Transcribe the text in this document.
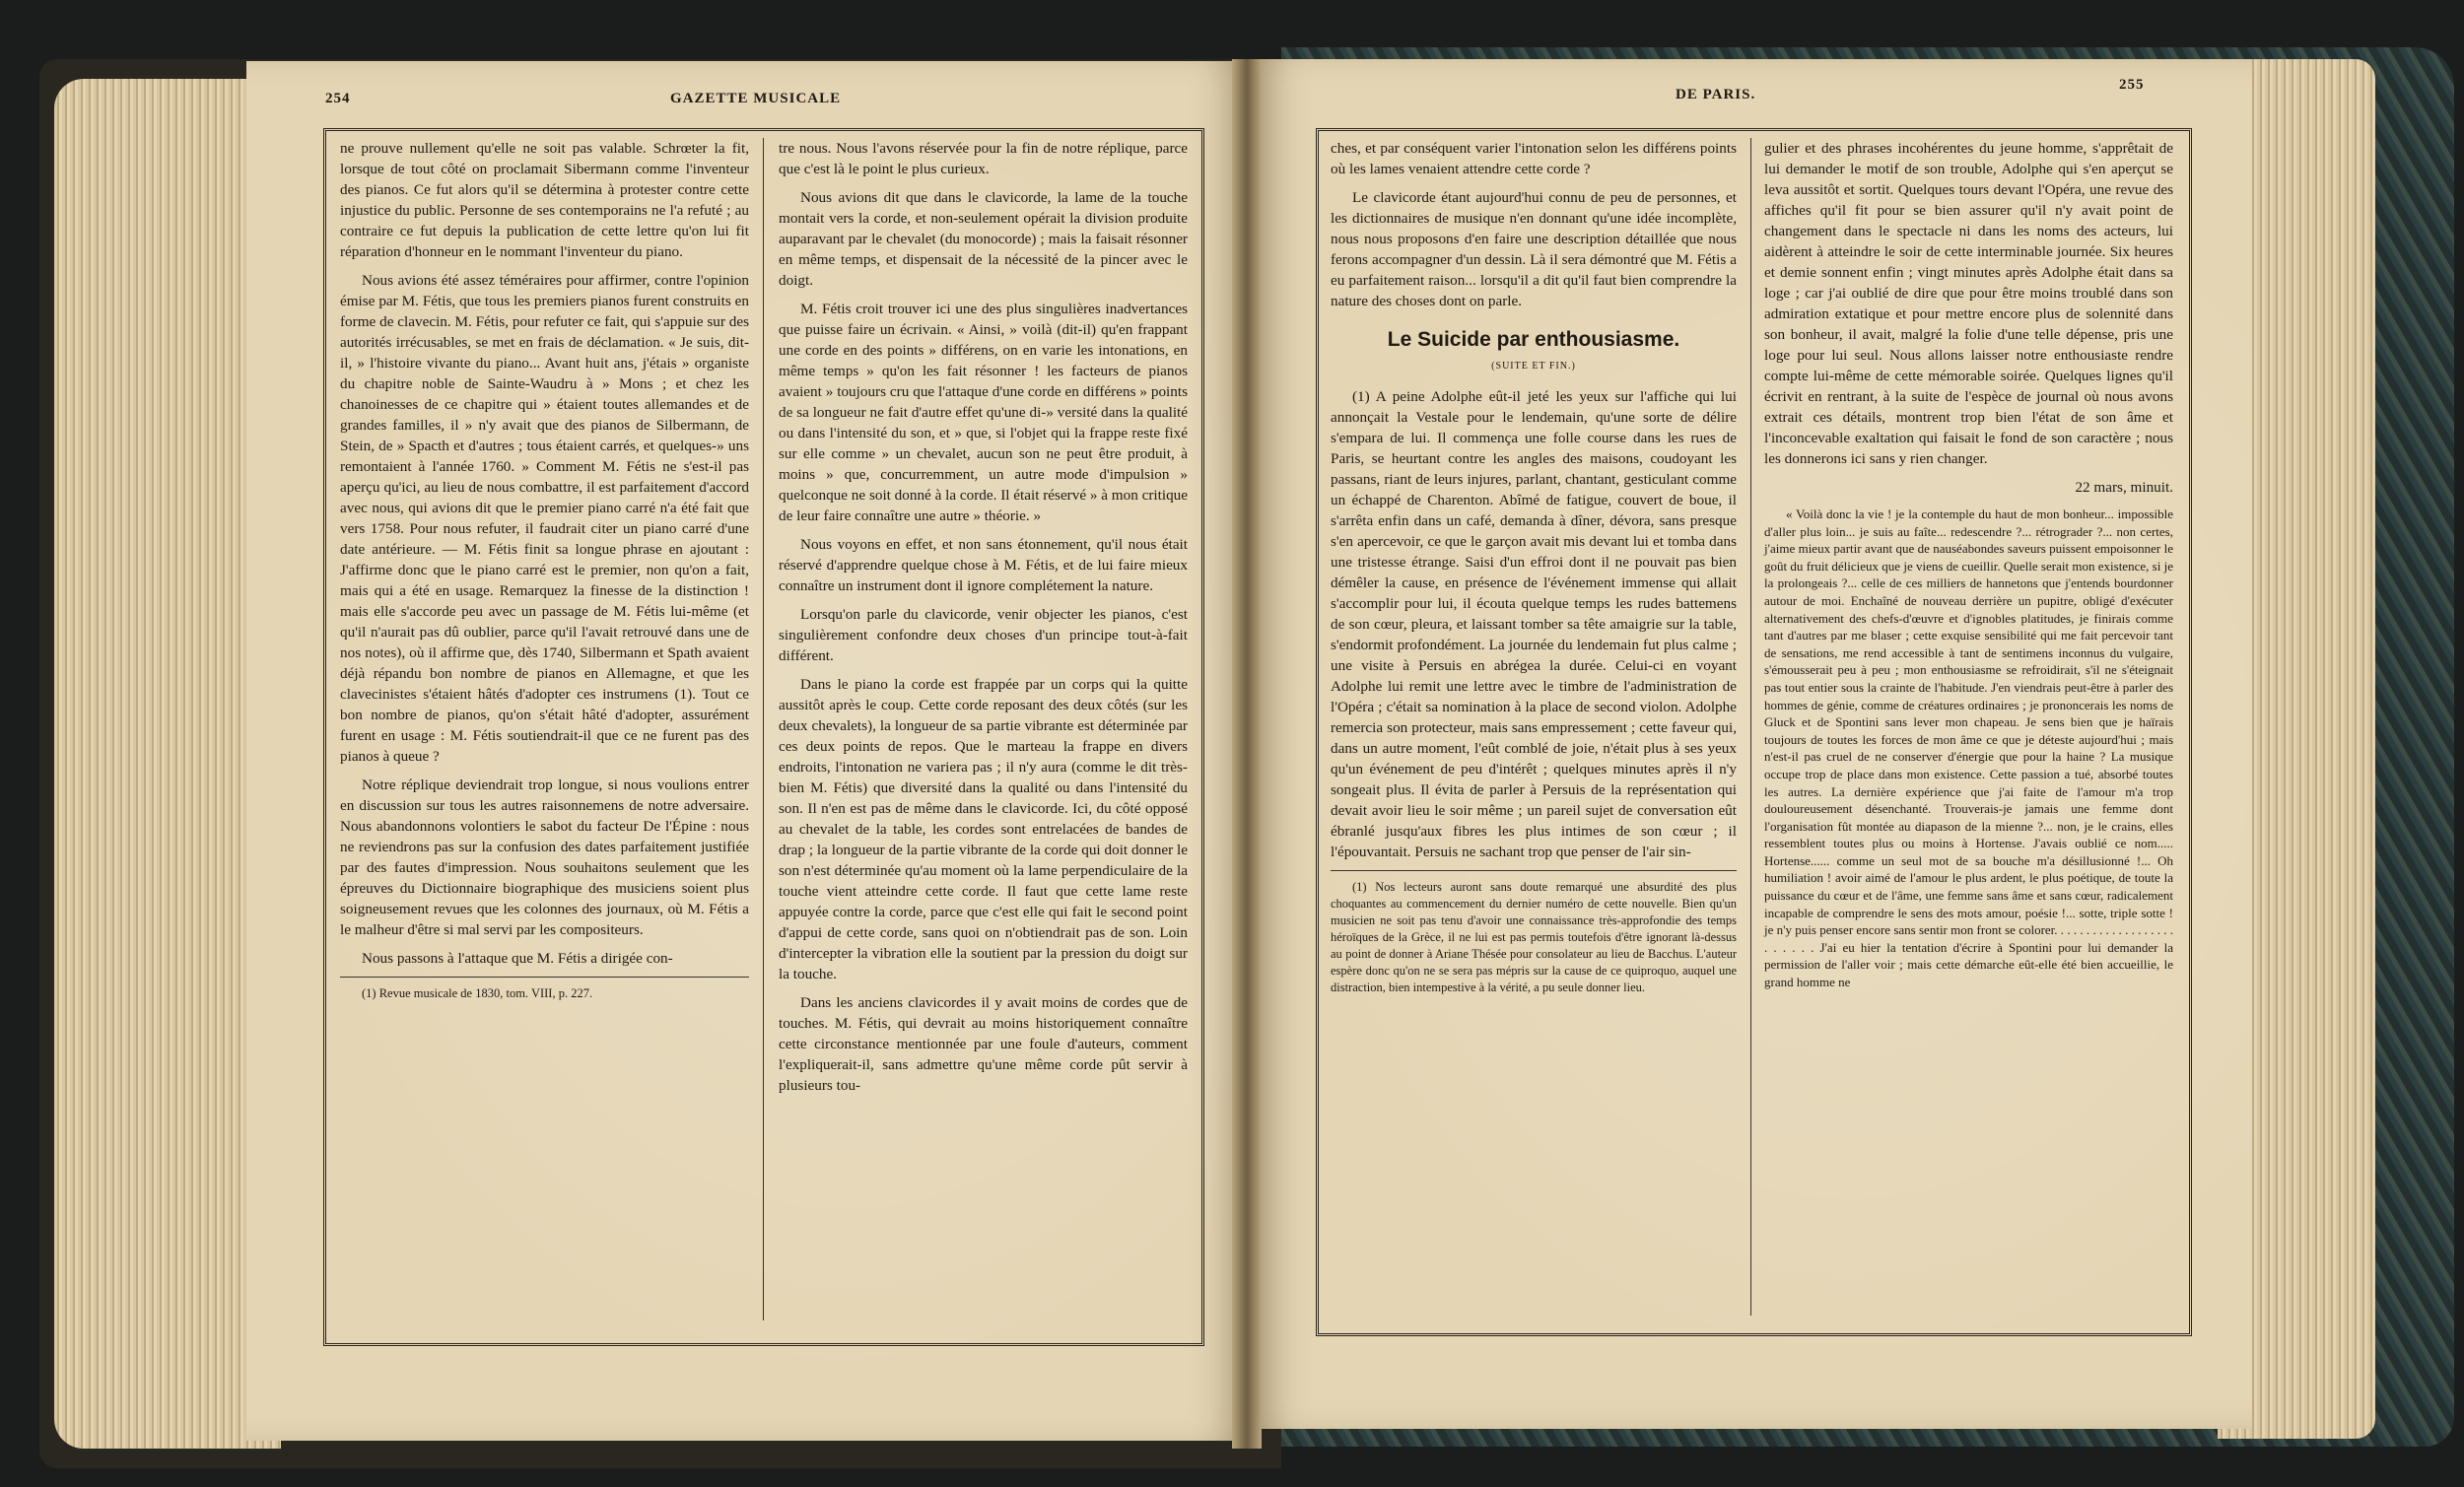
254	GAZETTE MUSICALE

ne prouve nullement qu'elle ne soit pas valable. Schrœter la fit, lorsque de tout côté on proclamait Sibermann comme l'inventeur des pianos. Ce fut alors qu'il se détermina à protester contre cette injustice du public. Personne de ses contemporains ne l'a refuté ; au contraire ce fut depuis la publication de cette lettre qu'on lui fit réparation d'honneur en le nommant l'inventeur du piano.

Nous avions été assez téméraires pour affirmer, contre l'opinion émise par M. Fétis, que tous les premiers pianos furent construits en forme de clavecin. M. Fétis, pour refuter ce fait, qui s'appuie sur des autorités irrécusables, se met en frais de déclamation. « Je suis, dit-il, » l'histoire vivante du piano... Avant huit ans, j'étais » organiste du chapitre noble de Sainte-Waudru à » Mons ; et chez les chanoinesses de ce chapitre qui » étaient toutes allemandes et de grandes familles, il » n'y avait que des pianos de Silbermann, de Stein, de » Spacth et d'autres ; tous étaient carrés, et quelques-» uns remontaient à l'année 1760. » Comment M. Fétis ne s'est-il pas aperçu qu'ici, au lieu de nous combattre, il est parfaitement d'accord avec nous, qui avions dit que le premier piano carré n'a été fait que vers 1758. Pour nous refuter, il faudrait citer un piano carré d'une date antérieure. — M. Fétis finit sa longue phrase en ajoutant : J'affirme donc que le piano carré est le premier, non qu'on a fait, mais qui a été en usage. Remarquez la finesse de la distinction ! mais elle s'accorde peu avec un passage de M. Fétis lui-même (et qu'il n'aurait pas dû oublier, parce qu'il l'avait retrouvé dans une de nos notes), où il affirme que, dès 1740, Silbermann et Spath avaient déjà répandu bon nombre de pianos en Allemagne, et que les clavecinistes s'étaient hâtés d'adopter ces instrumens (1). Tout ce bon nombre de pianos, qu'on s'était hâté d'adopter, assurément furent en usage : M. Fétis soutiendrait-il que ce ne furent pas des pianos à queue ?

Notre réplique deviendrait trop longue, si nous voulions entrer en discussion sur tous les autres raisonnemens de notre adversaire. Nous abandonnons volontiers le sabot du facteur De l'Épine : nous ne reviendrons pas sur la confusion des dates parfaitement justifiée par des fautes d'impression. Nous souhaitons seulement que les épreuves du Dictionnaire biographique des musiciens soient plus soigneusement revues que les colonnes des journaux, où M. Fétis a le malheur d'être si mal servi par les compositeurs.

Nous passons à l'attaque que M. Fétis a dirigée con-

(1) Revue musicale de 1830, tom. VIII, p. 227.

tre nous. Nous l'avons réservée pour la fin de notre réplique, parce que c'est là le point le plus curieux.

Nous avions dit que dans le clavicorde, la lame de la touche montait vers la corde, et non-seulement opérait la division produite auparavant par le chevalet (du monocorde) ; mais la faisait résonner en même temps, et dispensait de la nécessité de la pincer avec le doigt.

M. Fétis croit trouver ici une des plus singulières inadvertances que puisse faire un écrivain. « Ainsi, » voilà (dit-il) qu'en frappant une corde en des points » différens, on en varie les intonations, en même temps » qu'on les fait résonner ! les facteurs de pianos avaient » toujours cru que l'attaque d'une corde en différens » points de sa longueur ne fait d'autre effet qu'une di-» versité dans la qualité ou dans l'intensité du son, et » que, si l'objet qui la frappe reste fixé sur elle comme » un chevalet, aucun son ne peut être produit, à moins » que, concurremment, un autre mode d'impulsion » quelconque ne soit donné à la corde. Il était réservé » à mon critique de leur faire connaître une autre » théorie. »

Nous voyons en effet, et non sans étonnement, qu'il nous était réservé d'apprendre quelque chose à M. Fétis, et de lui faire mieux connaître un instrument dont il ignore complétement la nature.

Lorsqu'on parle du clavicorde, venir objecter les pianos, c'est singulièrement confondre deux choses d'un principe tout-à-fait différent.

Dans le piano la corde est frappée par un corps qui la quitte aussitôt après le coup. Cette corde reposant des deux côtés (sur les deux chevalets), la longueur de sa partie vibrante est déterminée par ces deux points de repos. Que le marteau la frappe en divers endroits, l'intonation ne variera pas ; il n'y aura (comme le dit très-bien M. Fétis) que diversité dans la qualité ou dans l'intensité du son. Il n'en est pas de même dans le clavicorde. Ici, du côté opposé au chevalet de la table, les cordes sont entrelacées de bandes de drap ; la longueur de la partie vibrante de la corde qui doit donner le son n'est déterminée qu'au moment où la lame perpendiculaire de la touche vient atteindre cette corde. Il faut que cette lame reste appuyée contre la corde, parce que c'est elle qui fait le second point d'appui de cette corde, sans quoi on n'obtiendrait pas de son. Loin d'intercepter la vibration elle la soutient par la pression du doigt sur la touche.

Dans les anciens clavicordes il y avait moins de cordes que de touches. M. Fétis, qui devrait au moins historiquement connaître cette circonstance mentionnée par une foule d'auteurs, comment l'expliquerait-il, sans admettre qu'une même corde pût servir à plusieurs tou-

DE PARIS.
255

ches, et par conséquent varier l'intonation selon les différens points où les lames venaient attendre cette corde ?

Le clavicorde étant aujourd'hui connu de peu de personnes, et les dictionnaires de musique n'en donnant qu'une idée incomplète, nous nous proposons d'en faire une description détaillée que nous ferons accompagner d'un dessin. Là il sera démontré que M. Fétis a eu parfaitement raison... lorsqu'il a dit qu'il faut bien comprendre la nature des choses dont on parle.

Le Suicide par enthousiasme.
(SUITE ET FIN.)

(1) A peine Adolphe eût-il jeté les yeux sur l'affiche qui lui annonçait la Vestale pour le lendemain, qu'une sorte de délire s'empara de lui. Il commença une folle course dans les rues de Paris, se heurtant contre les angles des maisons, coudoyant les passans, riant de leurs injures, parlant, chantant, gesticulant comme un échappé de Charenton. Abîmé de fatigue, couvert de boue, il s'arrêta enfin dans un café, demanda à dîner, dévora, sans presque s'en apercevoir, ce que le garçon avait mis devant lui et tomba dans une tristesse étrange. Saisi d'un effroi dont il ne pouvait pas bien démêler la cause, en présence de l'événement immense qui allait s'accomplir pour lui, il écouta quelque temps les rudes battemens de son cœur, pleura, et laissant tomber sa tête amaigrie sur la table, s'endormit profondément. La journée du lendemain fut plus calme ; une visite à Persuis en abrégea la durée. Celui-ci en voyant Adolphe lui remit une lettre avec le timbre de l'administration de l'Opéra ; c'était sa nomination à la place de second violon. Adolphe remercia son protecteur, mais sans empressement ; cette faveur qui, dans un autre moment, l'eût comblé de joie, n'était plus à ses yeux qu'un événement de peu d'intérêt ; quelques minutes après il n'y songeait plus. Il évita de parler à Persuis de la représentation qui devait avoir lieu le soir même ; un pareil sujet de conversation eût ébranlé jusqu'aux fibres les plus intimes de son cœur ; il l'épouvantait. Persuis ne sachant trop que penser de l'air sin-

(1) Nos lecteurs auront sans doute remarqué une absurdité des plus choquantes au commencement du dernier numéro de cette nouvelle. Bien qu'un musicien ne soit pas tenu d'avoir une connaissance très-approfondie des temps héroïques de la Grèce, il ne lui est pas permis toutefois d'être ignorant là-dessus au point de donner à Ariane Thésée pour consolateur au lieu de Bacchus. L'auteur espère donc qu'on ne se sera pas mépris sur la cause de ce quiproquo, auquel une distraction, bien intempestive à la vérité, a pu seule donner lieu.

gulier et des phrases incohérentes du jeune homme, s'apprêtait de lui demander le motif de son trouble, Adolphe qui s'en aperçut se leva aussitôt et sortit. Quelques tours devant l'Opéra, une revue des affiches qu'il fit pour se bien assurer qu'il n'y avait point de changement dans le spectacle ni dans les noms des acteurs, lui aidèrent à atteindre le soir de cette interminable journée. Six heures et demie sonnent enfin ; vingt minutes après Adolphe était dans sa loge ; car j'ai oublié de dire que pour être moins troublé dans son admiration extatique et pour mettre encore plus de solennité dans son bonheur, il avait, malgré la folie d'une telle dépense, pris une loge pour lui seul. Nous allons laisser notre enthousiaste rendre compte lui-même de cette mémorable soirée. Quelques lignes qu'il écrivit en rentrant, à la suite de l'espèce de journal où nous avons extrait ces détails, montrent trop bien l'état de son âme et l'inconcevable exaltation qui faisait le fond de son caractère ; nous les donnerons ici sans y rien changer.

22 mars, minuit.

« Voilà donc la vie ! je la contemple du haut de mon bonheur... impossible d'aller plus loin... je suis au faîte... redescendre ?... rétrograder ?... non certes, j'aime mieux partir avant que de nauséabondes saveurs puissent empoisonner le goût du fruit délicieux que je viens de cueillir. Quelle serait mon existence, si je la prolongeais ?... celle de ces milliers de hannetons que j'entends bourdonner autour de moi. Enchaîné de nouveau derrière un pupitre, obligé d'exécuter alternativement des chefs-d'œuvre et d'ignobles platitudes, je finirais comme tant d'autres par me blaser ; cette exquise sensibilité qui me fait percevoir tant de sensations, me rend accessible à tant de sentimens inconnus du vulgaire, s'émousserait peu à peu ; mon enthousiasme se refroidirait, s'il ne s'éteignait pas tout entier sous la crainte de l'habitude. J'en viendrais peut-être à parler des hommes de génie, comme de créatures ordinaires ; je prononcerais les noms de Gluck et de Spontini sans lever mon chapeau. Je sens bien que je haïrais toujours de toutes les forces de mon âme ce que je déteste aujourd'hui ; mais n'est-il pas cruel de ne conserver d'énergie que pour la haine ? La musique occupe trop de place dans mon existence. Cette passion a tué, absorbé toutes les autres. La dernière expérience que j'ai faite de l'amour m'a trop douloureusement désenchanté. Trouverais-je jamais une femme dont l'organisation fût montée au diapason de la mienne ?... non, je le crains, elles ressemblent toutes plus ou moins à Hortense. J'avais oublié ce nom..... Hortense...... comme un seul mot de sa bouche m'a désillusionné !... Oh humiliation ! avoir aimé de l'amour le plus ardent, le plus poétique, de toute la puissance du cœur et de l'âme, une femme sans âme et sans cœur, radicalement incapable de comprendre le sens des mots amour, poésie !... sotte, triple sotte ! je n'y puis penser encore sans sentir mon front se colorer. . . . . . . . . . . . . . . . . . . . . . . . . J'ai eu hier la tentation d'écrire à Spontini pour lui demander la permission de l'aller voir ; mais cette démarche eût-elle été bien accueillie, le grand homme ne
